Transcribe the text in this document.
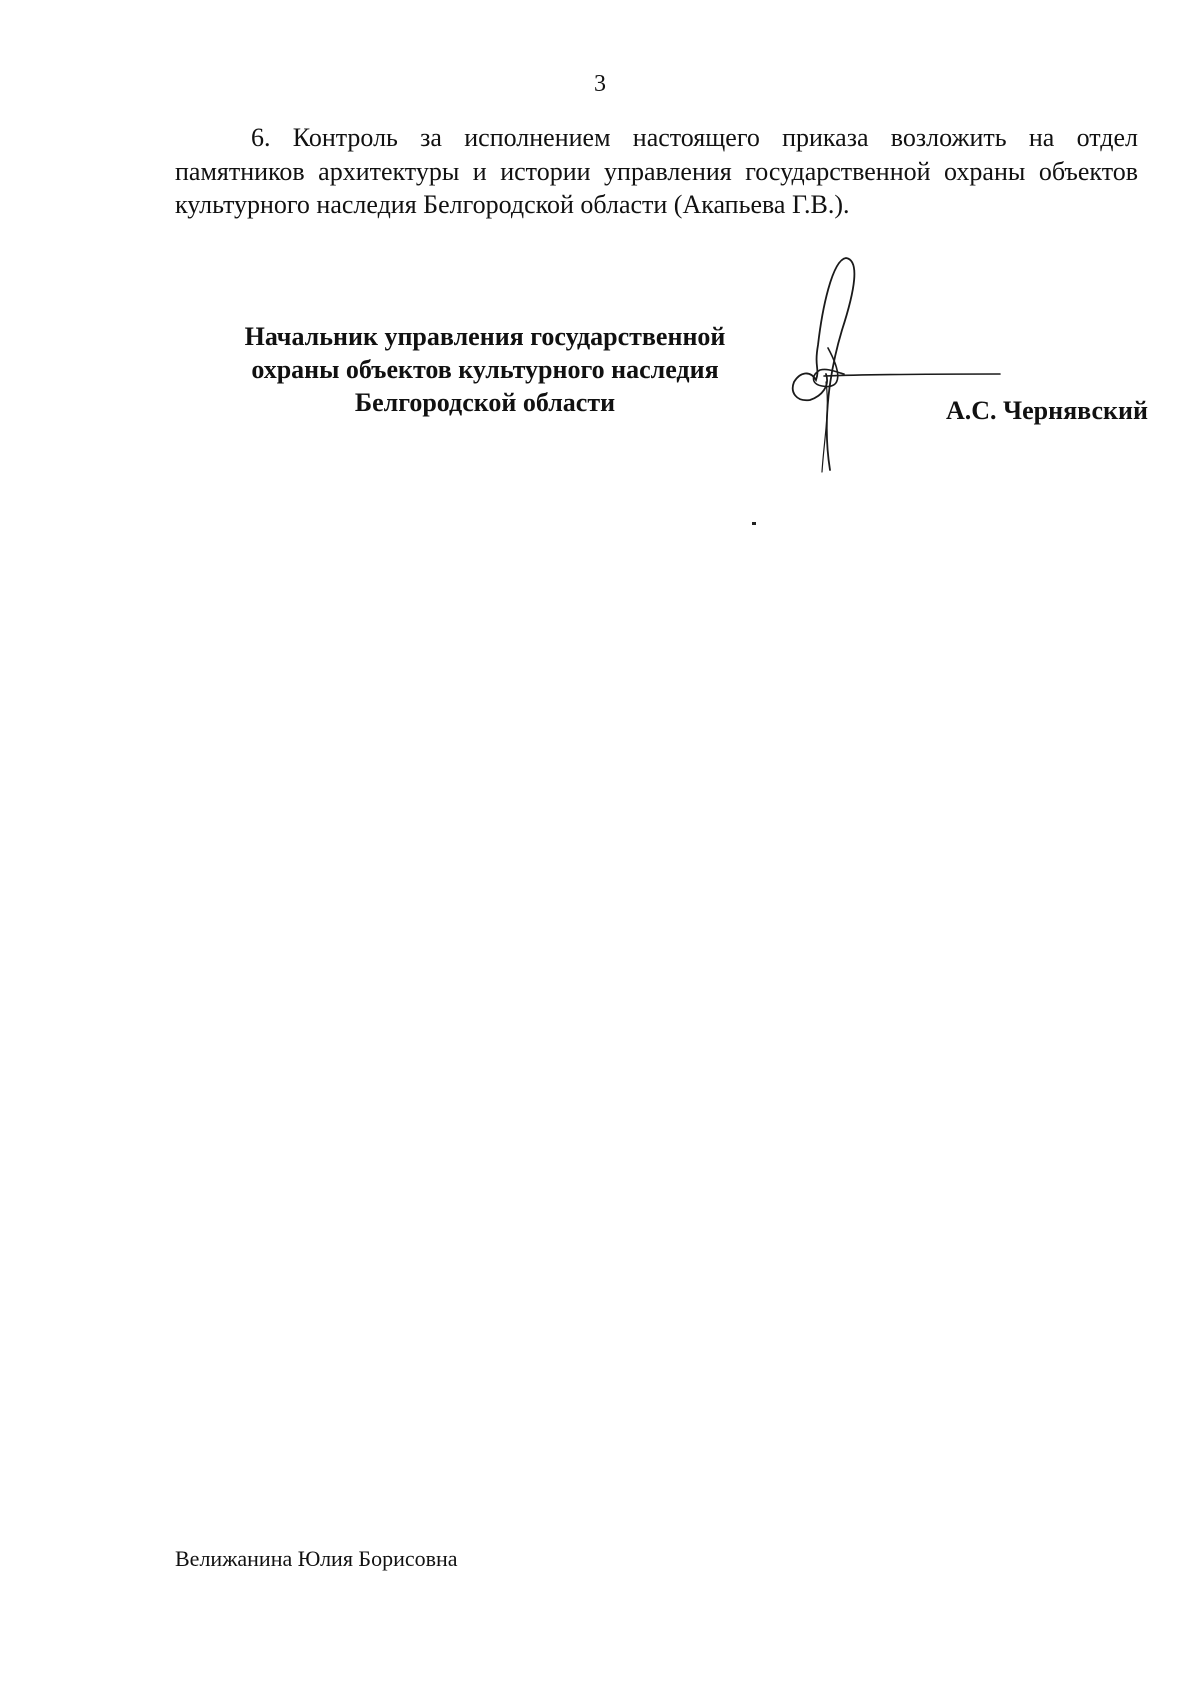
3

6. Контроль за исполнением настоящего приказа возложить на отдел памятников архитектуры и истории управления государственной охраны объектов культурного наследия Белгородской области (Акапьева Г.В.).

Начальник управления государственной
охраны объектов культурного наследия
Белгородской области	А.С. Чернявский
Велижанина Юлия Борисовна
